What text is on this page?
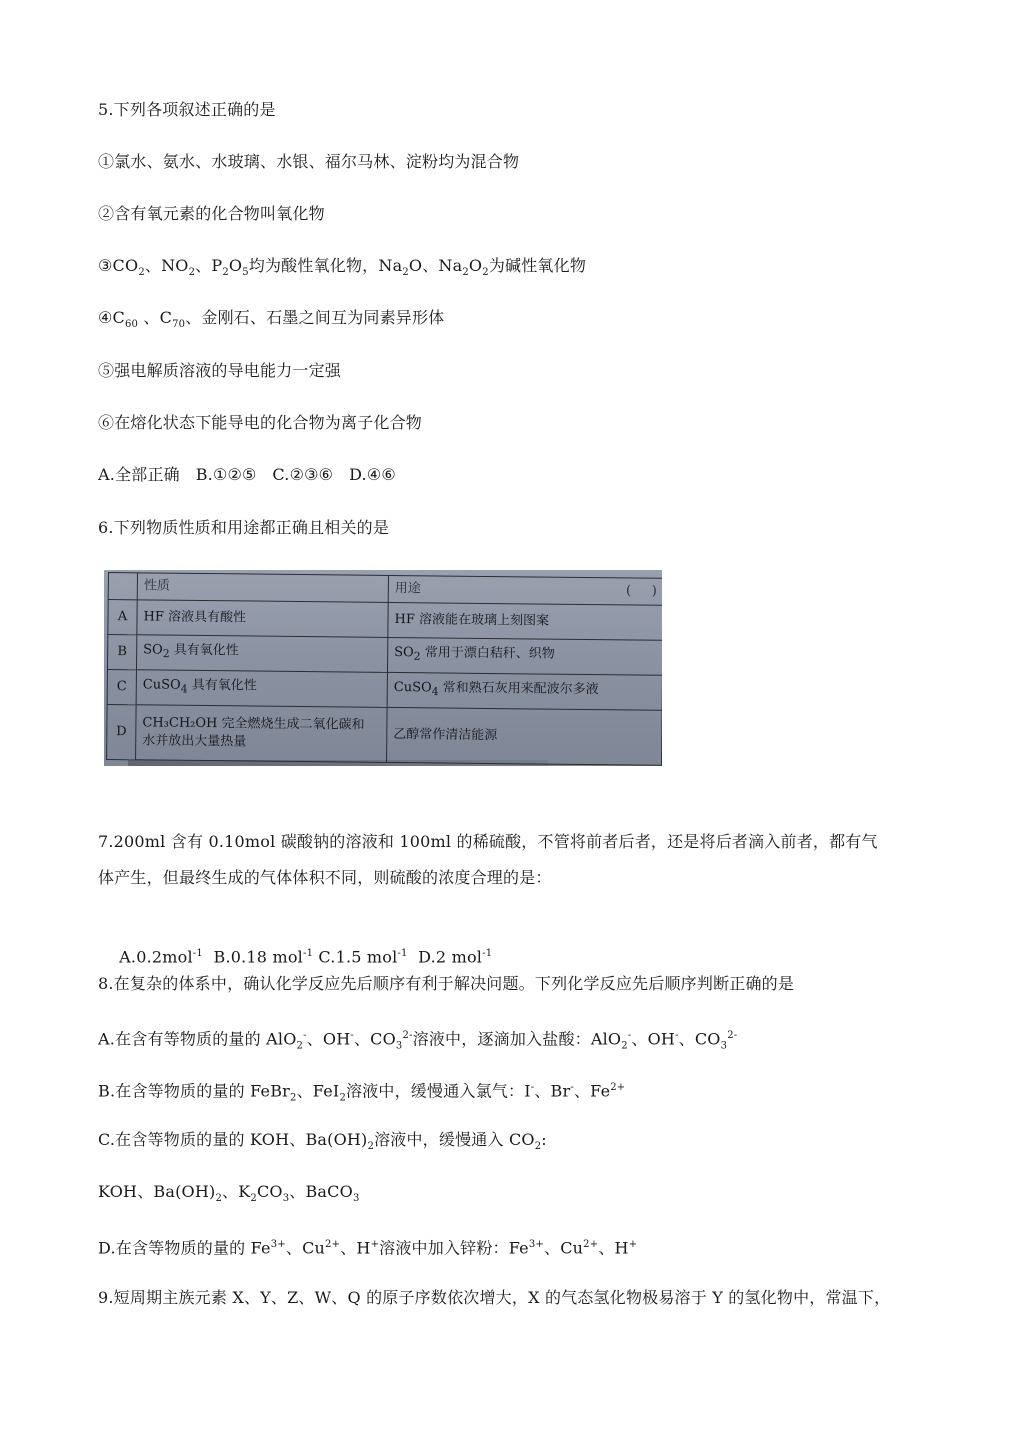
5.下列各项叙述正确的是
①氯水、氨水、水玻璃、水银、福尔马林、淀粉均为混合物
②含有氧元素的化合物叫氧化物
$③CO_2$、$NO_2$、$P_2O_5$均为酸性氧化物，$Na_2O$、$Na_2O_2$为碱性氧化物
$④C_{60}$ 、$C_{70}$、金刚石、石墨之间互为同素异形体
⑤强电解质溶液的导电能力一定强
⑥在熔化状态下能导电的化合物为离子化合物
A.全部正确   B.①②⑤   C.②③⑥   D.④⑥
6.下列物质性质和用途都正确且相关的是
	性质	用途 (     )

A	HF 溶液具有酸性	HF 溶液能在玻璃上刻图案
B	$SO_2$ 具有氧化性	$SO_2$ 常用于漂白秸秆、织物
C	CuSO$_4$ 具有氧化性	CuSO$_4$ 常和熟石灰用来配波尔多液
D	CH₃CH₂OH 完全燃烧生成二氧化碳和
水并放出大量热量	乙醇常作清洁能源
7.200ml 含有 0.10mol 碳酸钠的溶液和 100ml 的稀硫酸，不管将前者后者，还是将后者滴入前者，都有气
体产生，但最终生成的气体体积不同，则硫酸的浓度合理的是：

A.0.2mol$^{-1}$  B.0.18 mol$^{-1}$ C.1.5 mol$^{-1}$  D.2 mol$^{-1}$

8.在复杂的体系中，确认化学反应先后顺序有利于解决问题。下列化学反应先后顺序判断正确的是
A.在含有等物质的量的 AlO$_2$-、OH-、$CO_3^{2-}$溶液中，逐滴加入盐酸：AlO$_2$-、OH-、$CO_3^{2-}$
B.在含等物质的量的 FeBr$_2$、FeI$_2$溶液中，缓慢通入氯气：I-、Br-、$Fe^{2+}$
C.在含等物质的量的 KOH、$Ba(OH)_2$溶液中，缓慢通入 $CO_2$:
KOH、$Ba(OH)_2$、$K_2CO_3$、BaCO$_3$
D.在含等物质的量的 $Fe^{3+}$、$Cu^{2+}$、H+溶液中加入锌粉：$Fe^{3+}$、$Cu^{2+}$、H+
9.短周期主族元素 X、Y、Z、W、Q 的原子序数依次增大，X 的气态氢化物极易溶于 Y 的氢化物中，常温下，
